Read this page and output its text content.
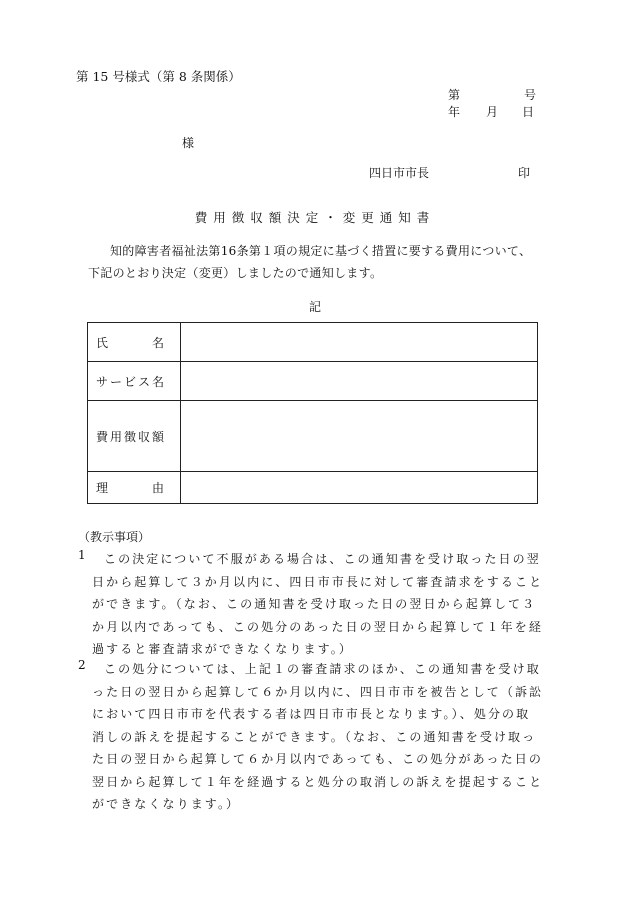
第 15 号様式（第 8 条関係）
第	号
年	月	日
様
四日市市長	印
費用徴収額決定・変更通知書
知的障害者福祉法第16条第１項の規定に基づく措置に要する費用について、下記のとおり決定（変更）しましたので通知します。
記
氏 名	

サ ー ビ ス 名	

費 用 徴 収 額	

理 由	

（教示事項）
1	この決定について不服がある場合は、この通知書を受け取った日の翌日から起算して３か月以内に、四日市市長に対して審査請求をすることができます。（なお、この通知書を受け取った日の翌日から起算して３か月以内であっても、この処分のあった日の翌日から起算して１年を経過すると審査請求ができなくなります。）
2	この処分については、上記１の審査請求のほか、この通知書を受け取った日の翌日から起算して６か月以内に、四日市市を被告として（訴訟において四日市市を代表する者は四日市市長となります。）、処分の取消しの訴えを提起することができます。（なお、この通知書を受け取った日の翌日から起算して６か月以内であっても、この処分があった日の翌日から起算して１年を経過すると処分の取消しの訴えを提起することができなくなります。）
